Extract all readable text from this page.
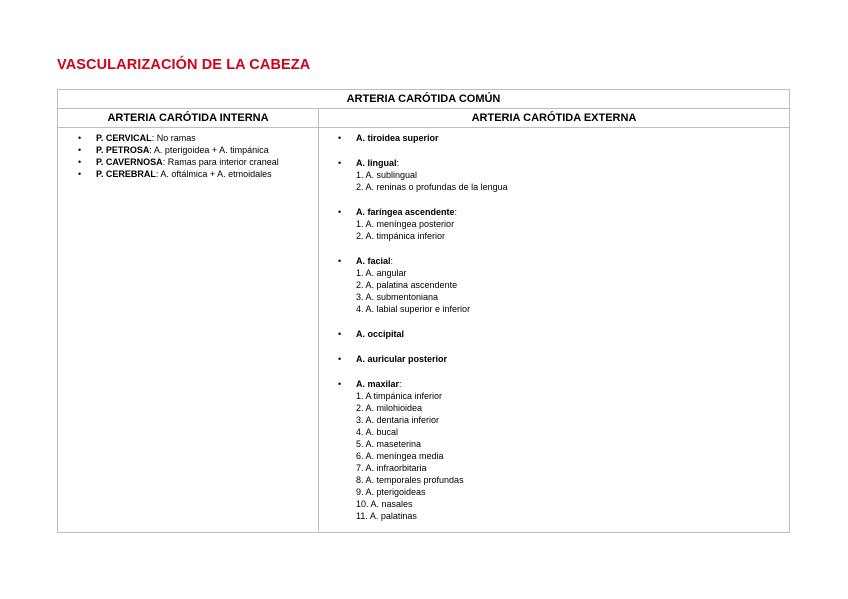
VASCULARIZACIÓN DE LA CABEZA
ARTERIA CARÓTIDA COMÚN
ARTERIA CARÓTIDA INTERNA	ARTERIA CARÓTIDA EXTERNA
• P. CERVICAL: No ramas
• P. PETROSA: A. pterigoidea + A. timpánica
• P. CAVERNOSA: Ramas para interior craneal
• P. CEREBRAL: A. oftálmica + A. etmoidales
• A. tiroidea superior
• A. lingual:
1. A. sublingual
2. A. reninas o profundas de la lengua
• A. faríngea ascendente:
1. A. meníngea posterior
2. A. timpánica inferior
• A. facial:
1. A. angular
2. A. palatina ascendente
3. A. submentoniana
4. A. labial superior e inferior
• A. occipital
• A. auricular posterior
• A. maxilar:
1. A timpánica inferior
2. A. milohioidea
3. A. dentaria inferior
4. A. bucal
5. A. maseterina
6. A. meníngea media
7. A. infraorbitaria
8. A. temporales profundas
9. A. pterigoideas
10. A. nasales
11. A. palatinas
